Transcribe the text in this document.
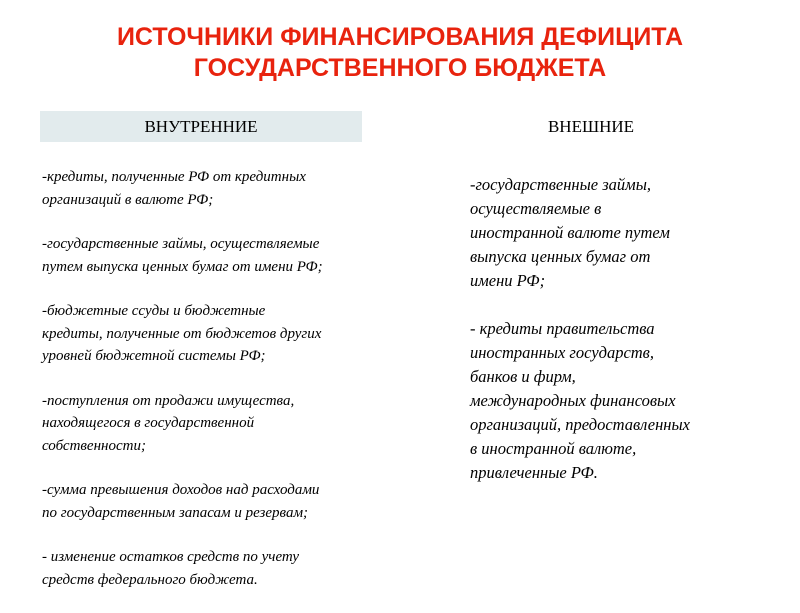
ИСТОЧНИКИ ФИНАНСИРОВАНИЯ ДЕФИЦИТА
ГОСУДАРСТВЕННОГО БЮДЖЕТА
ВНУТРЕННИЕ	ВНЕШНИЕ

-кредиты, полученные РФ от кредитных
организаций в валюте РФ;

-государственные займы, осуществляемые
путем выпуска ценных бумаг от имени РФ;

-бюджетные ссуды и бюджетные
кредиты, полученные от бюджетов других
уровней бюджетной системы РФ;

-поступления от продажи имущества,
находящегося в государственной
собственности;

-сумма превышения доходов над расходами
по государственным запасам и резервам;

- изменение остатков средств по учету
средств федерального бюджета.

-государственные займы,
осуществляемые в
иностранной валюте путем
выпуска ценных бумаг от
имени РФ;

- кредиты правительства
иностранных государств,
банков и фирм,
международных финансовых
организаций, предоставленных
в иностранной валюте,
привлеченные РФ.
